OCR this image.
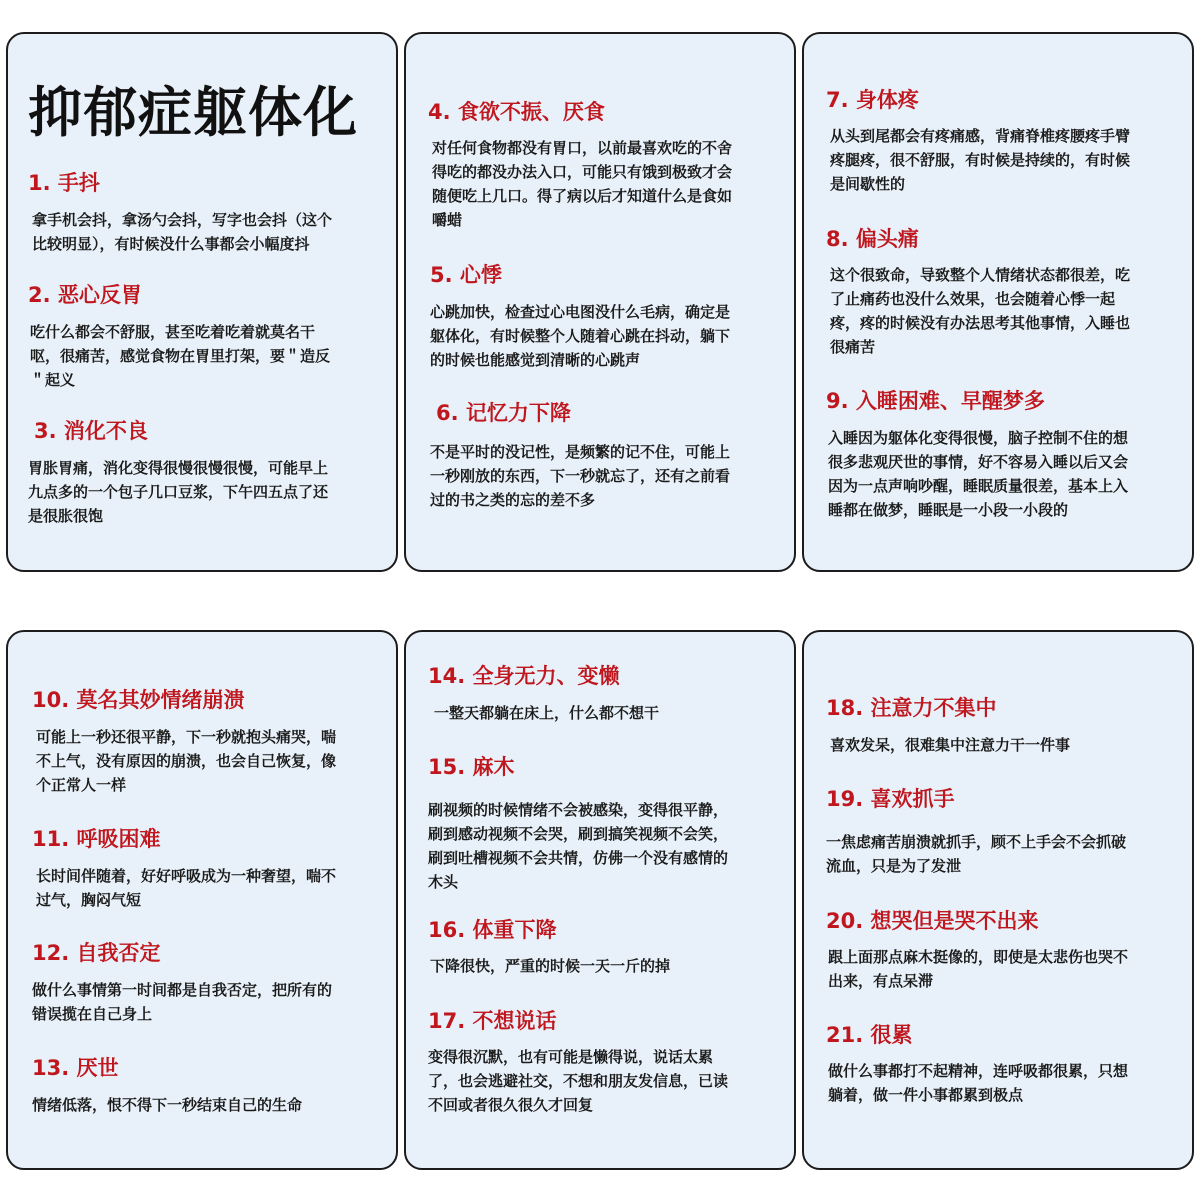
抑郁症躯体化
1. 手抖
拿手机会抖，拿汤勺会抖，写字也会抖（这个
比较明显），有时候没什么事都会小幅度抖
2. 恶心反胃
吃什么都会不舒服，甚至吃着吃着就莫名干
呕，很痛苦，感觉食物在胃里打架，要＂造反
＂起义
3. 消化不良
胃胀胃痛，消化变得很慢很慢很慢，可能早上
九点多的一个包子几口豆浆，下午四五点了还
是很胀很饱
4. 食欲不振、厌食
对任何食物都没有胃口，以前最喜欢吃的不舍
得吃的都没办法入口，可能只有饿到极致才会
随便吃上几口。得了病以后才知道什么是食如
嚼蜡
5. 心悸
心跳加快，检查过心电图没什么毛病，确定是
躯体化，有时候整个人随着心跳在抖动，躺下
的时候也能感觉到清晰的心跳声
6. 记忆力下降
不是平时的没记性，是频繁的记不住，可能上
一秒刚放的东西，下一秒就忘了，还有之前看
过的书之类的忘的差不多
7. 身体疼
从头到尾都会有疼痛感，背痛脊椎疼腰疼手臂
疼腿疼，很不舒服，有时候是持续的，有时候
是间歇性的
8. 偏头痛
这个很致命，导致整个人情绪状态都很差，吃
了止痛药也没什么效果，也会随着心悸一起
疼，疼的时候没有办法思考其他事情，入睡也
很痛苦
9. 入睡困难、早醒梦多
入睡因为躯体化变得很慢，脑子控制不住的想
很多悲观厌世的事情，好不容易入睡以后又会
因为一点声响吵醒，睡眠质量很差，基本上入
睡都在做梦，睡眠是一小段一小段的
10. 莫名其妙情绪崩溃
可能上一秒还很平静，下一秒就抱头痛哭，喘
不上气，没有原因的崩溃，也会自己恢复，像
个正常人一样
11. 呼吸困难
长时间伴随着，好好呼吸成为一种奢望，喘不
过气，胸闷气短
12. 自我否定
做什么事情第一时间都是自我否定，把所有的
错误揽在自己身上
13. 厌世
情绪低落，恨不得下一秒结束自己的生命
14. 全身无力、变懒
一整天都躺在床上，什么都不想干
15. 麻木
刷视频的时候情绪不会被感染，变得很平静，
刷到感动视频不会哭，刷到搞笑视频不会笑，
刷到吐槽视频不会共情，仿佛一个没有感情的
木头
16. 体重下降
下降很快，严重的时候一天一斤的掉
17. 不想说话
变得很沉默，也有可能是懒得说，说话太累
了，也会逃避社交，不想和朋友发信息，已读
不回或者很久很久才回复
18. 注意力不集中
喜欢发呆，很难集中注意力干一件事
19. 喜欢抓手
一焦虑痛苦崩溃就抓手，顾不上手会不会抓破
流血，只是为了发泄
20. 想哭但是哭不出来
跟上面那点麻木挺像的，即使是太悲伤也哭不
出来，有点呆滞
21. 很累
做什么事都打不起精神，连呼吸都很累，只想
躺着，做一件小事都累到极点
